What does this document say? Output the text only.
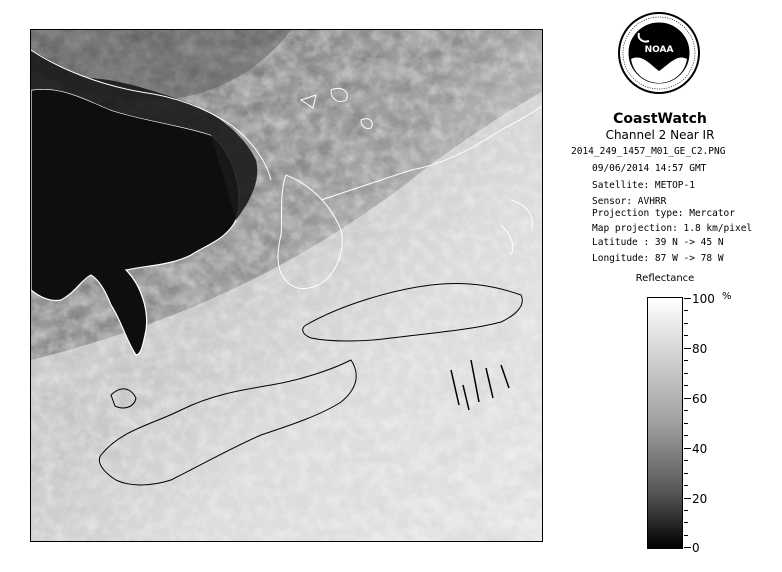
NOAA
CoastWatch
Channel 2 Near IR
2014_249_1457_M01_GE_C2.PNG
09/06/2014 14:57 GMT
Satellite: METOP-1
Sensor: AVHRR
Projection type: Mercator
Map projection: 1.8 km/pixel
Latitude : 39 N -> 45 N
Longitude: 87 W -> 78 W
Reflectance
%
100
80
60
40
20
0
